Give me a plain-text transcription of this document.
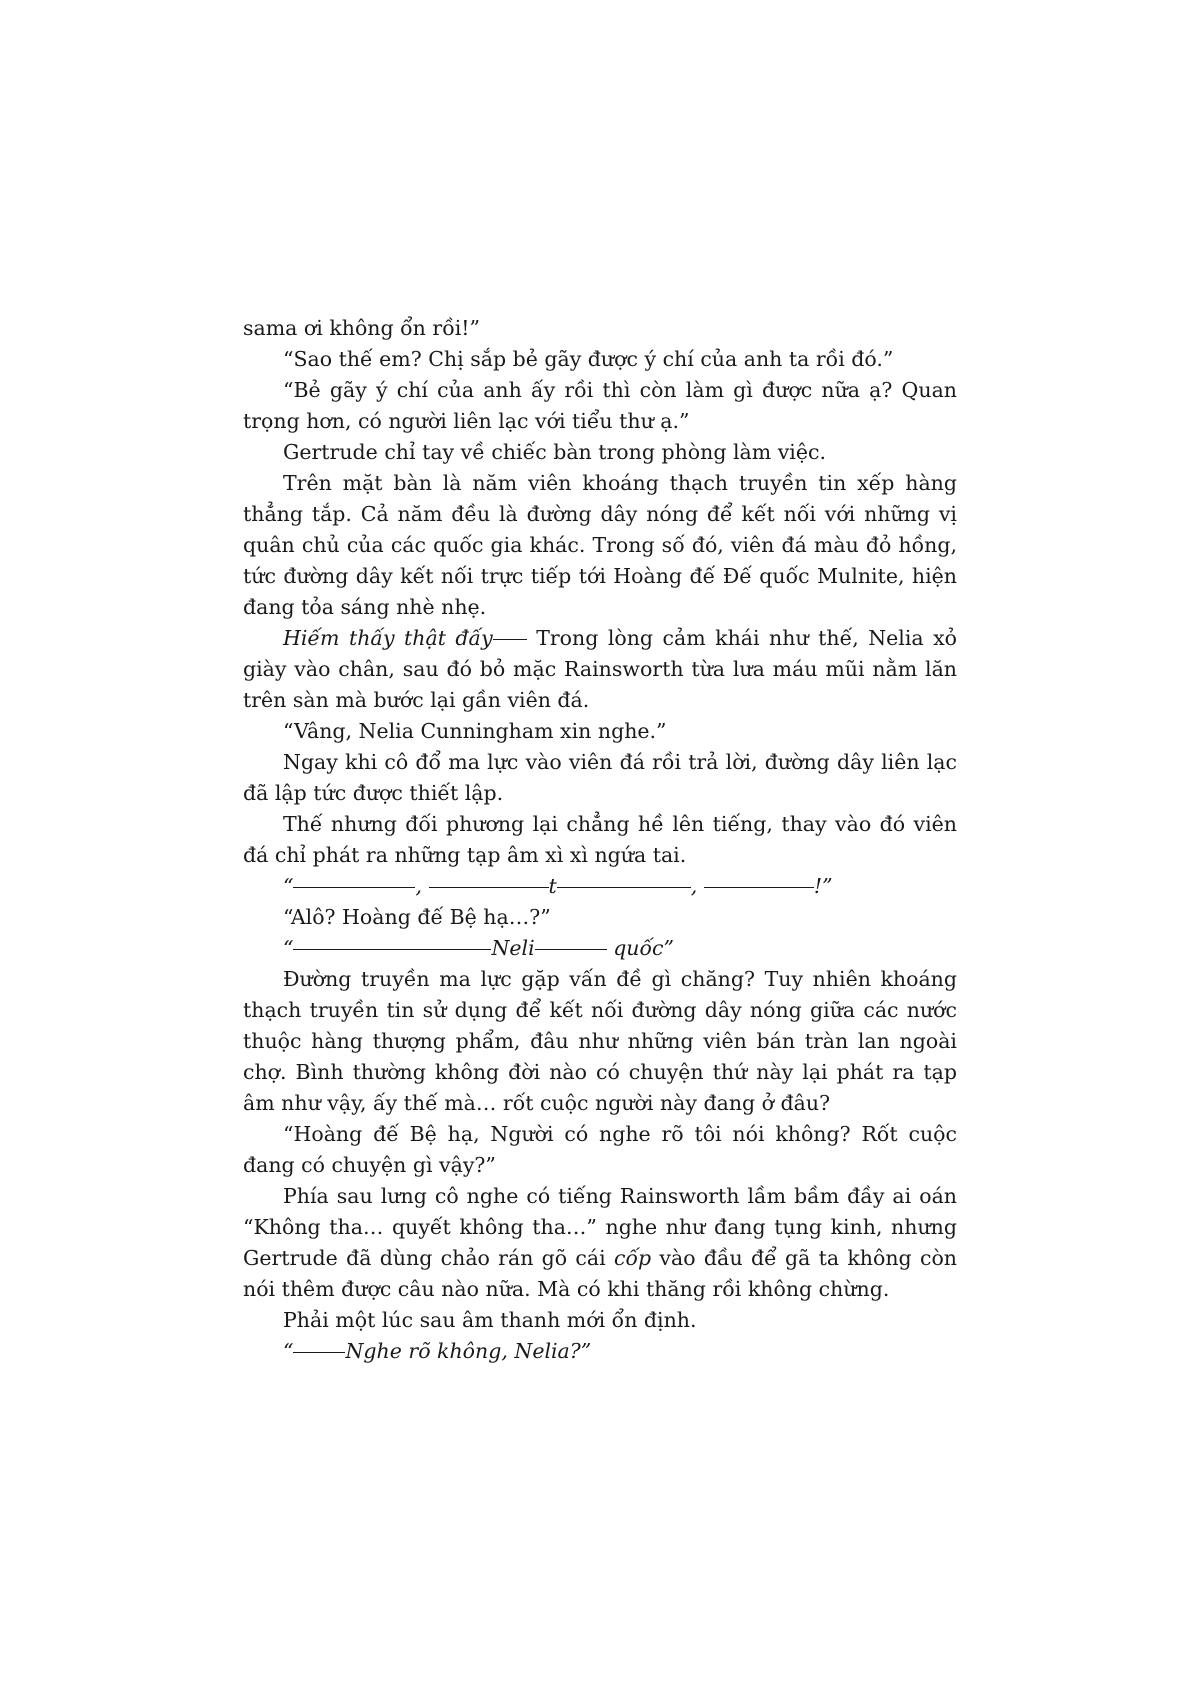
sama ơi không ổn rồi!”

“Sao thế em? Chị sắp bẻ gãy được ý chí của anh ta rồi đó.”

“Bẻ gãy ý chí của anh ấy rồi thì còn làm gì được nữa ạ? Quan trọng hơn, có người liên lạc với tiểu thư ạ.”

Gertrude chỉ tay về chiếc bàn trong phòng làm việc.

Trên mặt bàn là năm viên khoáng thạch truyền tin xếp hàng thẳng tắp. Cả năm đều là đường dây nóng để kết nối với những vị quân chủ của các quốc gia khác. Trong số đó, viên đá màu đỏ hồng, tức đường dây kết nối trực tiếp tới Hoàng đế Đế quốc Mulnite, hiện đang tỏa sáng nhè nhẹ.

Hiếm thấy thật đấy Trong lòng cảm khái như thế, Nelia xỏ giày vào chân, sau đó bỏ mặc Rainsworth từa lưa máu mũi nằm lăn trên sàn mà bước lại gần viên đá.

“Vâng, Nelia Cunningham xin nghe.”

Ngay khi cô đổ ma lực vào viên đá rồi trả lời, đường dây liên lạc đã lập tức được thiết lập.

Thế nhưng đối phương lại chẳng hề lên tiếng, thay vào đó viên đá chỉ phát ra những tạp âm xì xì ngứa tai.

“	,	t	,	!”

“Alô? Hoàng đế Bệ hạ…?”

“	Neli	quốc”

Đường truyền ma lực gặp vấn đề gì chăng? Tuy nhiên khoáng thạch truyền tin sử dụng để kết nối đường dây nóng giữa các nước thuộc hàng thượng phẩm, đâu như những viên bán tràn lan ngoài chợ. Bình thường không đời nào có chuyện thứ này lại phát ra tạp âm như vậy, ấy thế mà… rốt cuộc người này đang ở đâu?

“Hoàng đế Bệ hạ, Người có nghe rõ tôi nói không? Rốt cuộc đang có chuyện gì vậy?”

Phía sau lưng cô nghe có tiếng Rainsworth lầm bầm đầy ai oán “Không tha… quyết không tha…” nghe như đang tụng kinh, nhưng Gertrude đã dùng chảo rán gõ cái cốp vào đầu để gã ta không còn nói thêm được câu nào nữa. Mà có khi thăng rồi không chừng.

Phải một lúc sau âm thanh mới ổn định.

“	Nghe rõ không, Nelia?”
